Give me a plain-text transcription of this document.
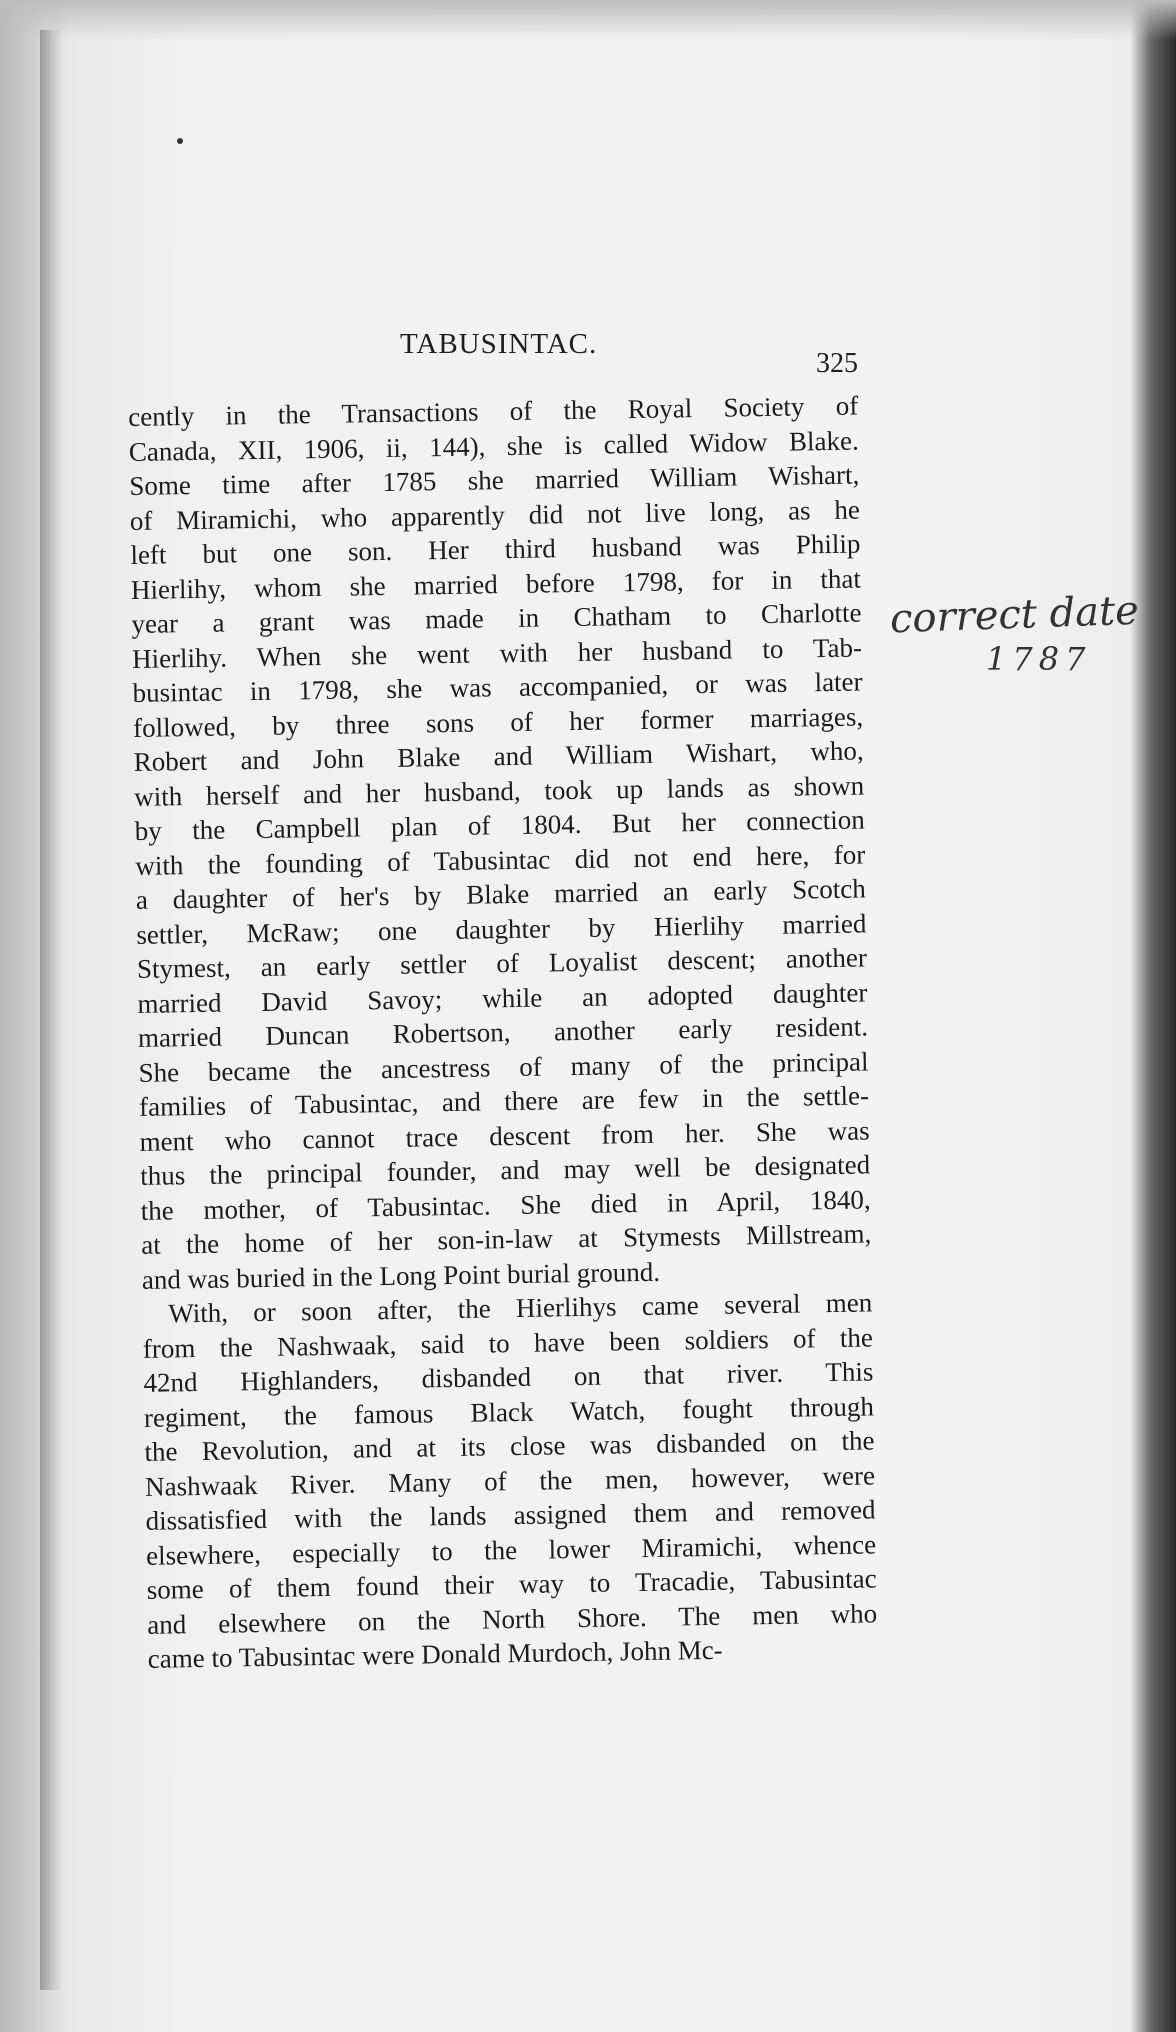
TABUSINTAC.
325
cently in the Transactions of the Royal Society of
Canada, XII, 1906, ii, 144), she is called Widow Blake.
Some time after 1785 she married William Wishart,
of Miramichi, who apparently did not live long, as he
left but one son. Her third husband was Philip
Hierlihy, whom she married before 1798, for in that
year a grant was made in Chatham to Charlotte
Hierlihy. When she went with her husband to Tab-
busintac in 1798, she was accompanied, or was later
followed, by three sons of her former marriages,
Robert and John Blake and William Wishart, who,
with herself and her husband, took up lands as shown
by the Campbell plan of 1804. But her connection
with the founding of Tabusintac did not end here, for
a daughter of her's by Blake married an early Scotch
settler, McRaw; one daughter by Hierlihy married
Stymest, an early settler of Loyalist descent; another
married David Savoy; while an adopted daughter
married Duncan Robertson, another early resident.
She became the ancestress of many of the principal
families of Tabusintac, and there are few in the settle-
ment who cannot trace descent from her. She was
thus the principal founder, and may well be designated
the mother, of Tabusintac. She died in April, 1840,
at the home of her son-in-law at Stymests Millstream,
and was buried in the Long Point burial ground.
With, or soon after, the Hierlihys came several men
from the Nashwaak, said to have been soldiers of the
42nd Highlanders, disbanded on that river. This
regiment, the famous Black Watch, fought through
the Revolution, and at its close was disbanded on the
Nashwaak River. Many of the men, however, were
dissatisfied with the lands assigned them and removed
elsewhere, especially to the lower Miramichi, whence
some of them found their way to Tracadie, Tabusintac
and elsewhere on the North Shore. The men who
came to Tabusintac were Donald Murdoch, John Mc-
correct date
1787
